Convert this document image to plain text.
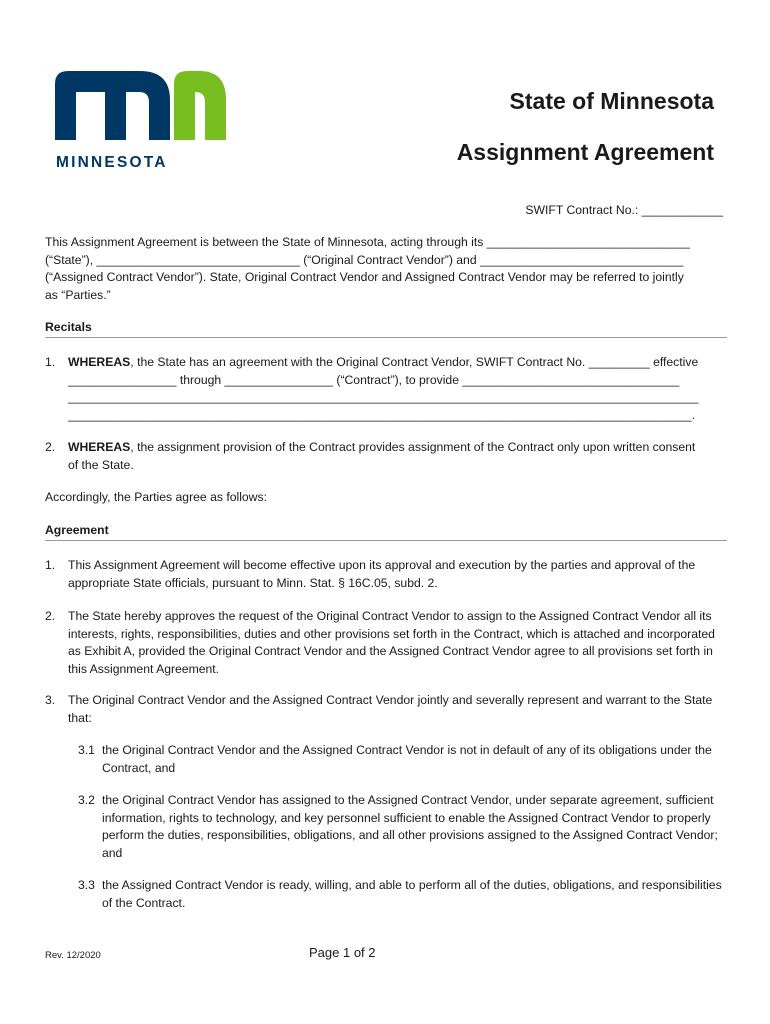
MINNESOTA
State of Minnesota
Assignment Agreement
SWIFT Contract No.: ____________
This Assignment Agreement is between the State of Minnesota, acting through its ______________________________
(“State”), ______________________________ (“Original Contract Vendor”) and ______________________________
(“Assigned Contract Vendor”). State, Original Contract Vendor and Assigned Contract Vendor may be referred to jointly
as “Parties.”
Recitals
1.	WHEREAS, the State has an agreement with the Original Contract Vendor, SWIFT Contract No. _________ effective
________________ through ________________ (“Contract”), to provide ________________________________
_____________________________________________________________________________________________
____________________________________________________________________________________________.
2.	WHEREAS, the assignment provision of the Contract provides assignment of the Contract only upon written consent
of the State.
Accordingly, the Parties agree as follows:
Agreement
1.	This Assignment Agreement will become effective upon its approval and execution by the parties and approval of the appropriate State officials, pursuant to Minn. Stat. § 16C.05, subd. 2.
2.	The State hereby approves the request of the Original Contract Vendor to assign to the Assigned Contract Vendor all its interests, rights, responsibilities, duties and other provisions set forth in the Contract, which is attached and incorporated as Exhibit A, provided the Original Contract Vendor and the Assigned Contract Vendor agree to all provisions set forth in this Assignment Agreement.
3.	The Original Contract Vendor and the Assigned Contract Vendor jointly and severally represent and warrant to the State that:
3.1 the Original Contract Vendor and the Assigned Contract Vendor is not in default of any of its obligations under the Contract, and
3.2 the Original Contract Vendor has assigned to the Assigned Contract Vendor, under separate agreement, sufficient information, rights to technology, and key personnel sufficient to enable the Assigned Contract Vendor to properly perform the duties, responsibilities, obligations, and all other provisions assigned to the Assigned Contract Vendor; and
3.3 the Assigned Contract Vendor is ready, willing, and able to perform all of the duties, obligations, and responsibilities of the Contract.
Rev. 12/2020	Page 1 of 2
